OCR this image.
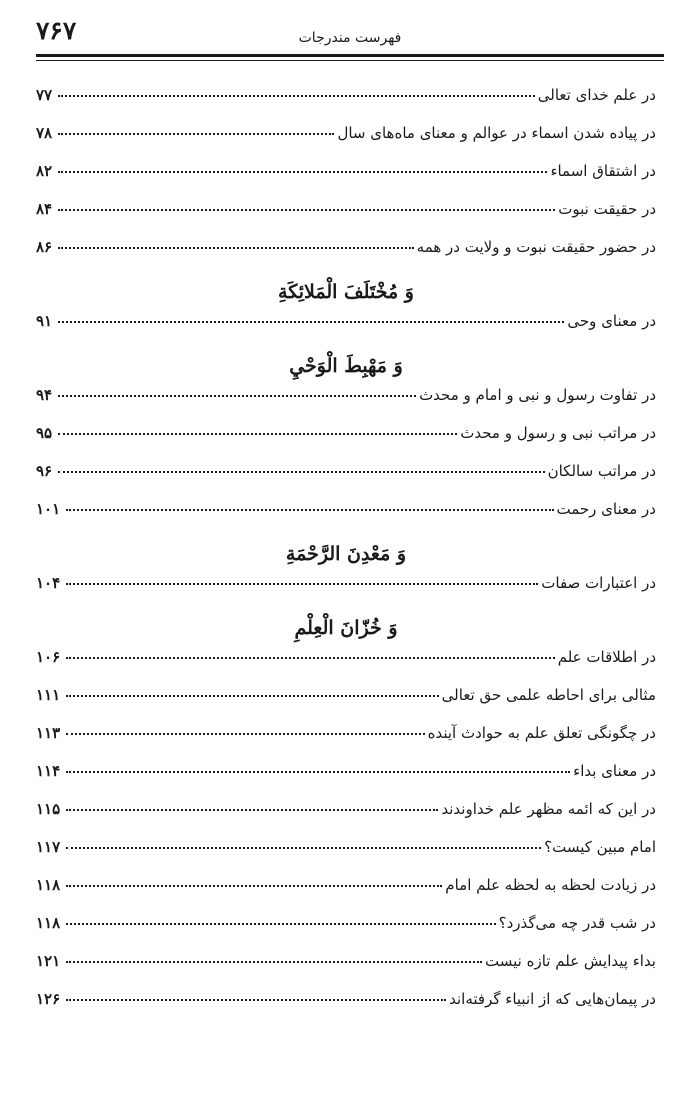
۷۶۷	فهرست مندرجات
در علم خدای تعالی
۷۷
در پیاده شدن اسماء در عوالم و معنای ماه‌های سال
۷۸
در اشتقاق اسماء
۸۲
در حقیقت نبوت
۸۴
در حضور حقیقت نبوت و ولایت در همه
۸۶
وَ مُخْتَلَفَ الْمَلائِکَةِ
در معنای وحی
۹۱
وَ مَهْبِطَ الْوَحْيِ
در تفاوت رسول و نبی و امام و محدث
۹۴
در مراتب نبی و رسول و محدث
۹۵
در مراتب سالکان
۹۶
در معنای رحمت
۱۰۱
وَ مَعْدِنَ الرَّحْمَةِ
در اعتبارات صفات
۱۰۴
وَ خُزّانَ الْعِلْمِ
در اطلاقات علم
۱۰۶
مثالی برای احاطه علمی حق تعالی
۱۱۱
در چگونگی تعلق علم به حوادث آینده
۱۱۳
در معنای بداء
۱۱۴
در این که ائمه مظهر علم خداوندند
۱۱۵
امام مبین کیست؟
۱۱۷
در زیادت لحظه به لحظه علم امام
۱۱۸
در شب قدر چه می‌گذرد؟
۱۱۸
بداء پیدایش علم تازه نیست
۱۲۱
در پیمان‌هایی که از انبیاء گرفته‌اند
۱۲۶
